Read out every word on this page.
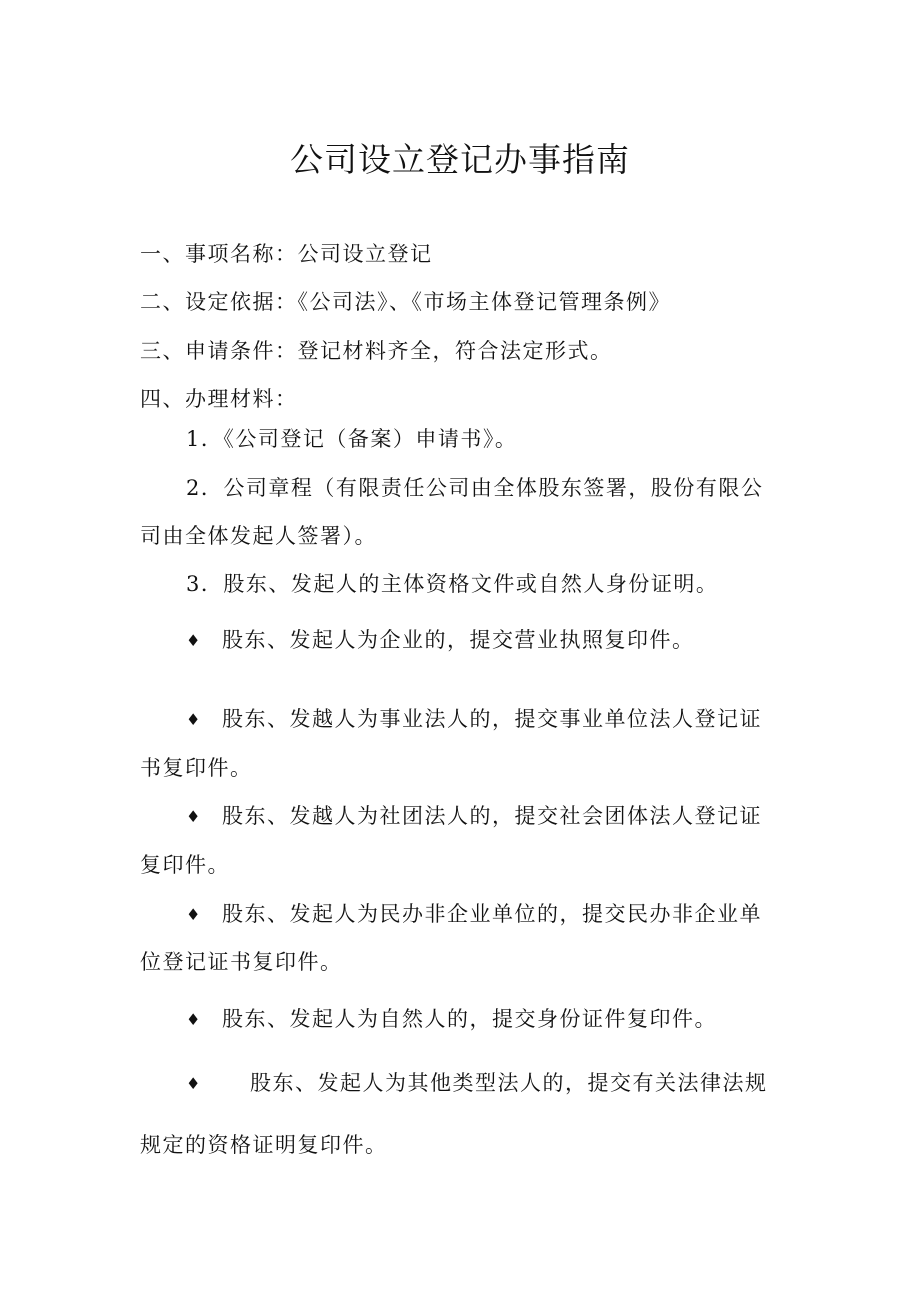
公司设立登记办事指南
一、事项名称：公司设立登记
二、设定依据：《公司法》、《市场主体登记管理条例》
三、申请条件：登记材料齐全，符合法定形式。
四、办理材料：
1．《公司登记（备案）申请书》。
2．公司章程（有限责任公司由全体股东签署，股份有限公
司由全体发起人签署）。
3．股东、发起人的主体资格文件或自然人身份证明。
♦ 股东、发起人为企业的，提交营业执照复印件。
♦ 股东、发越人为事业法人的，提交事业单位法人登记证
书复印件。
♦ 股东、发越人为社团法人的，提交社会团体法人登记证
复印件。
♦ 股东、发起人为民办非企业单位的，提交民办非企业单
位登记证书复印件。
♦ 股东、发起人为自然人的，提交身份证件复印件。
♦ 股东、发起人为其他类型法人的，提交有关法律法规
规定的资格证明复印件。
